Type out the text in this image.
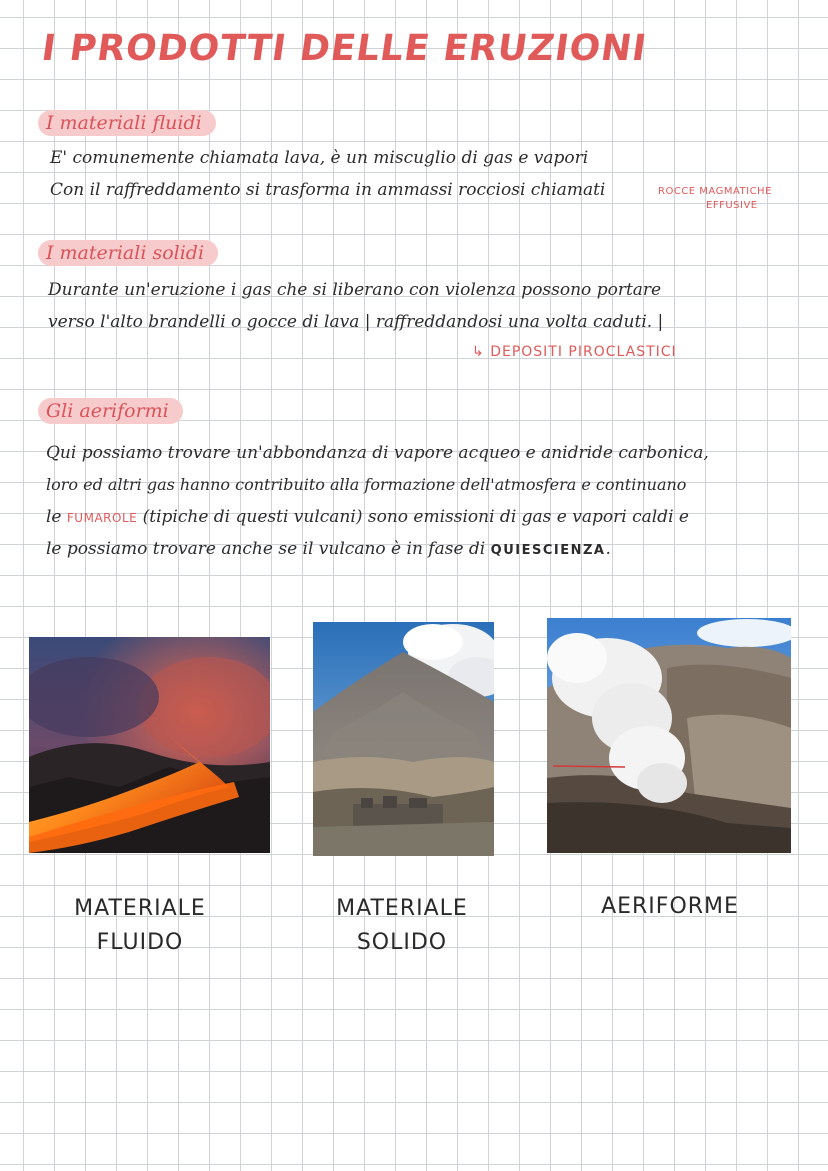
I PRODOTTI DELLE ERUZIONI
I materiali fluidi
E' comunemente chiamata lava, è un miscuglio di gas e vapori
Con il raffreddamento si trasforma in ammassi rocciosi chiamati	ROCCE MAGMATICHE
EFFUSIVE
I materiali solidi
Durante un'eruzione i gas che si liberano con violenza possono portare
verso l'alto brandelli o gocce di lava | raffreddandosi una volta caduti. |
↳ DEPOSITI PIROCLASTICI
Gli aeriformi
Qui possiamo trovare un'abbondanza di vapore acqueo e anidride carbonica,
loro ed altri gas hanno contribuito alla formazione dell'atmosfera e continuano
le FUMAROLE (tipiche di questi vulcani) sono emissioni di gas e vapori caldi e
le possiamo trovare anche se il vulcano è in fase di QUIESCIENZA.
MATERIALE
FLUIDO
MATERIALE
SOLIDO
AERIFORME
